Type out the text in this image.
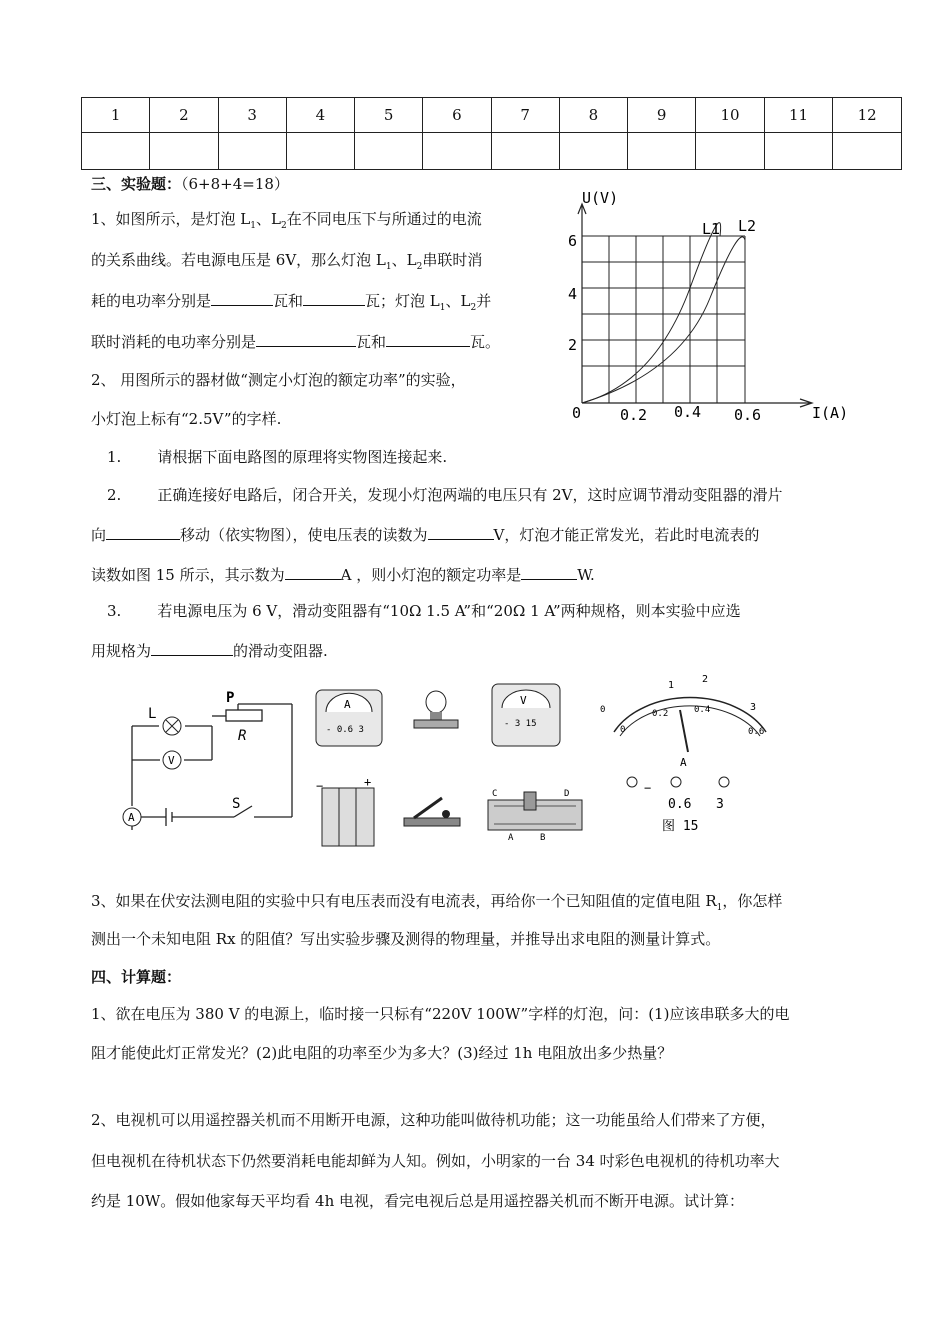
1	2	3	4	5	6	7	8	9	10	11	12

三、实验题：（6+8+4=18）
1、如图所示，是灯泡 $L_1$、$L_2$在不同电压下与所通过的电流
的关系曲线。若电源电压是 6V，那么灯泡 $L_1$、$L_2$串联时消
耗的电功率分别是	瓦和	瓦；灯泡 $L_1$、$L_2$并
联时消耗的电功率分别是	瓦和	瓦。
2、 用图所示的器材做“测定小灯泡的额定功率”的实验，
小灯泡上标有“2.5V”的字样.
1. 请根据下面电路图的原理将实物图连接起来.
2. 正确连接好电路后，闭合开关，发现小灯泡两端的电压只有 2V，这时应调节滑动变阻器的滑片
向	移动（依实物图），使电压表的读数为	V，灯泡才能正常发光，若此时电流表的
读数如图 15 所示，其示数为	A ，则小灯泡的额定功率是	W.
3. 若电源电压为 6 V，滑动变阻器有“10Ω 1.5 A”和“20Ω 1 A”两种规格，则本实验中应选
用规格为	的滑动变阻器.
U(V)
I(A)
0
2
4
6
0.2 0.4 0.6
L1 L2
V
A
L
P
R
S
A
- 0.6 3
V
- 3 15
−	+
C	D
A	B
1
2
3
0.2	0.4
0.6
0
0
A
−
0.6 3
图 15
3、如果在伏安法测电阻的实验中只有电压表而没有电流表，再给你一个已知阻值的定值电阻 $R_1$，你怎样
测出一个未知电阻 Rx 的阻值？写出实验步骤及测得的物理量，并推导出求电阻的测量计算式。
四、计算题：
1、欲在电压为 380 V 的电源上，临时接一只标有“220V 100W”字样的灯泡，问：(1)应该串联多大的电
阻才能使此灯正常发光？(2)此电阻的功率至少为多大？(3)经过 1h 电阻放出多少热量？
2、电视机可以用遥控器关机而不用断开电源，这种功能叫做待机功能；这一功能虽给人们带来了方便，
但电视机在待机状态下仍然要消耗电能却鲜为人知。例如，小明家的一台 34 吋彩色电视机的待机功率大
约是 10W。假如他家每天平均看 4h 电视，看完电视后总是用遥控器关机而不断开电源。试计算：
